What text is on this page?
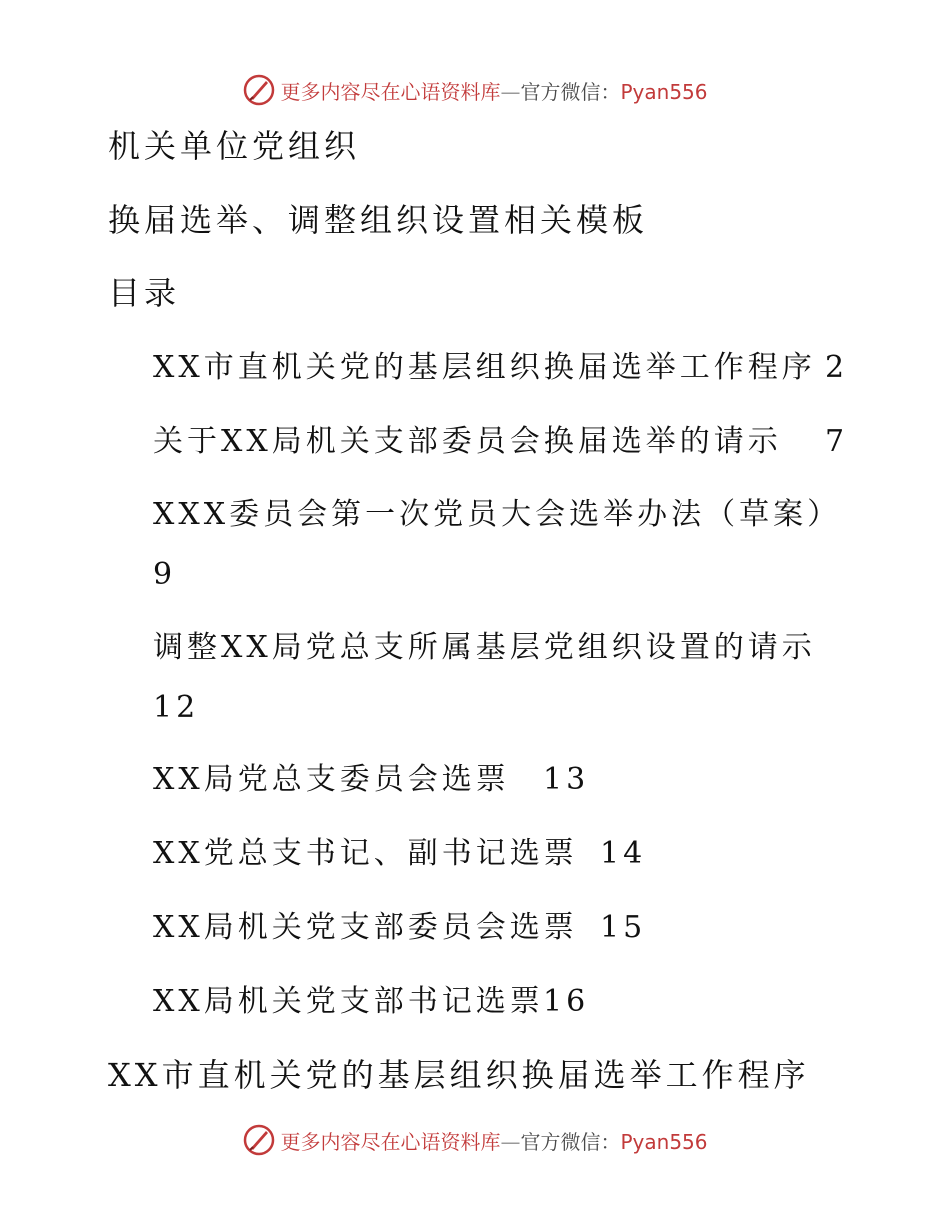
更多内容尽在心语资料库—官方微信：Pyan556
机关单位党组织
换届选举、调整组织设置相关模板
目录
XX市直机关党的基层组织换届选举工作程序 2
关于XX局机关支部委员会换届选举的请示 7
XXX委员会第一次党员大会选举办法（草案）
9
调整XX局党总支所属基层党组织设置的请示
12
XX局党总支委员会选票 13
XX党总支书记、副书记选票 14
XX局机关党支部委员会选票 15
XX局机关党支部书记选票 16
XX市直机关党的基层组织换届选举工作程序
更多内容尽在心语资料库—官方微信：Pyan556
